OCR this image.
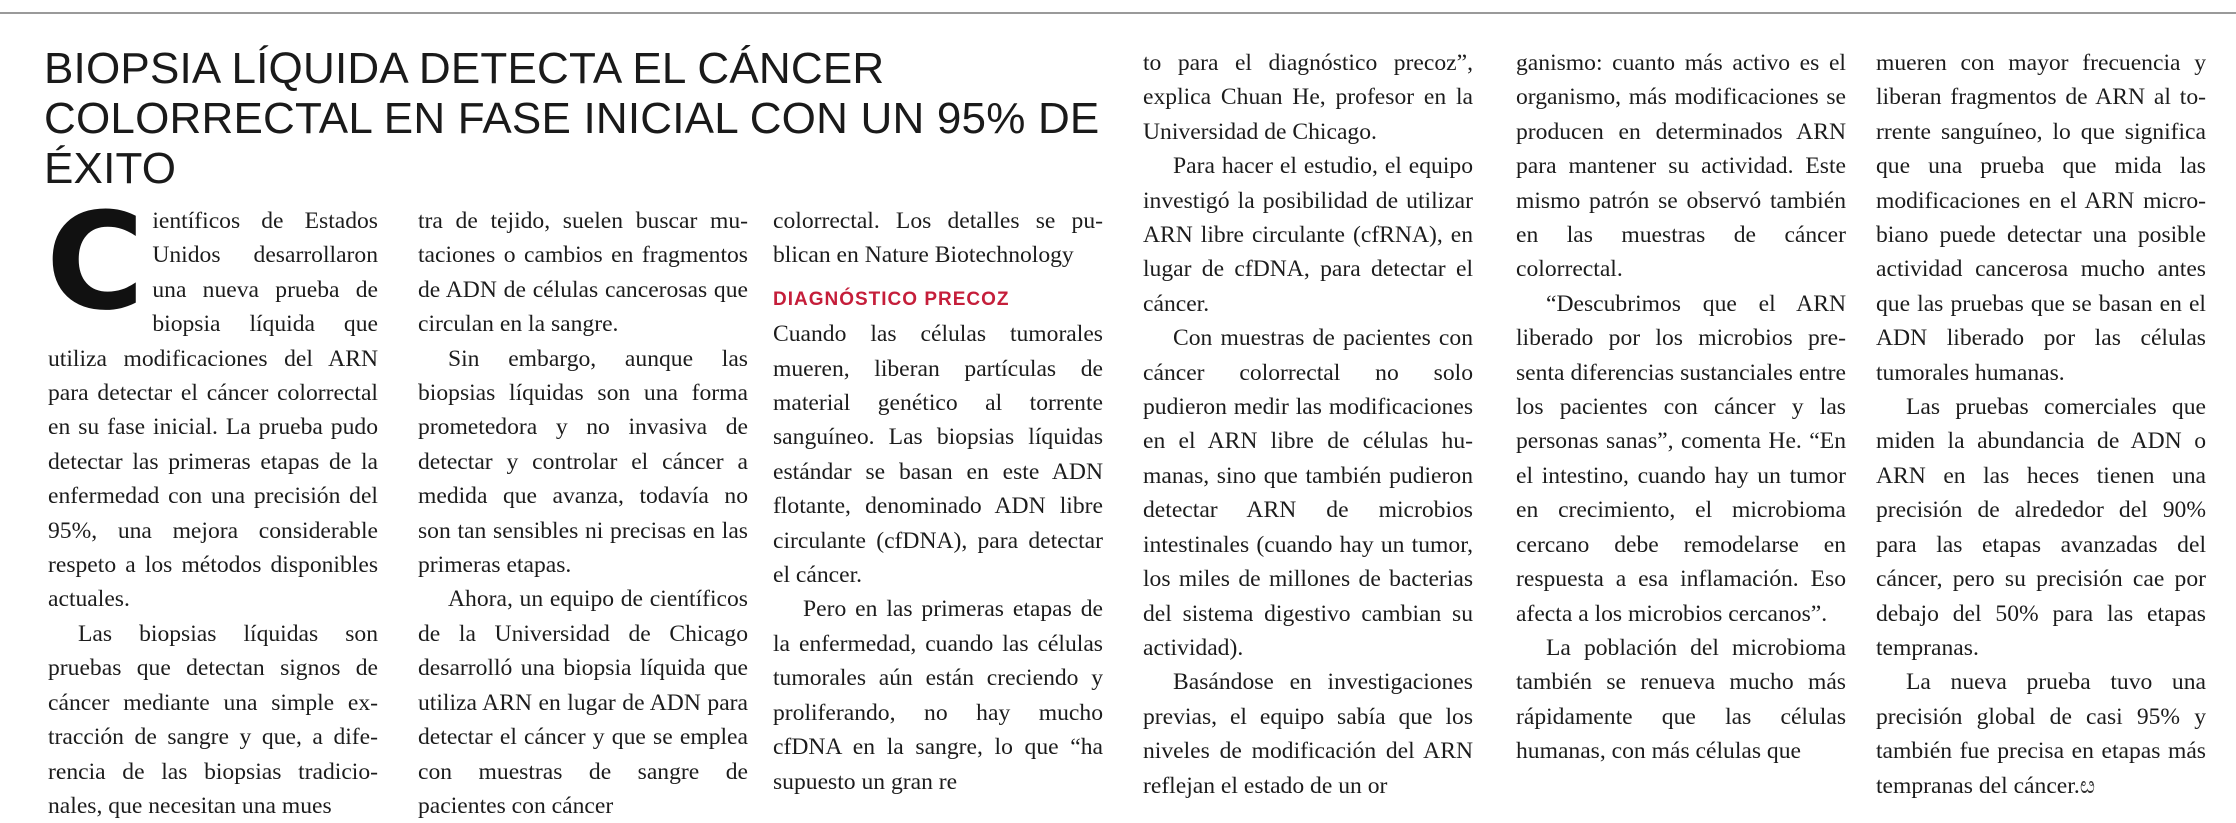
BIOPSIA LÍQUIDA DETECTA EL CÁNCER COLORRECTAL EN FASE INICIAL CON UN 95% DE ÉXITO

Científicos de Estados Unidos desarrollaron una nueva prueba de biopsia líquida que utiliza modificaciones del ARN para detectar el cáncer colorrectal en su fase inicial. La prueba pudo detectar las primeras etapas de la enfermedad con una precisión del 95%, una mejora considerable respeto a los métodos disponibles actuales.

Las biopsias líquidas son pruebas que detectan signos de cáncer mediante una simple extracción de sangre y que, a diferencia de las biopsias tradicionales, que necesitan una mues

tra de tejido, suelen buscar mutaciones o cambios en fragmentos de ADN de células cancerosas que circulan en la sangre.

Sin embargo, aunque las biopsias líquidas son una forma prometedora y no invasiva de detectar y controlar el cáncer a medida que avanza, todavía no son tan sensibles ni precisas en las primeras etapas.

Ahora, un equipo de científicos de la Universidad de Chicago desarrolló una biopsia líquida que utiliza ARN en lugar de ADN para detectar el cáncer y que se emplea con muestras de sangre de pacientes con cáncer

colorrectal. Los detalles se publican en Nature Biotechnology

DIAGNÓSTICO PRECOZ

Cuando las células tumorales mueren, liberan partículas de material genético al torrente sanguíneo. Las biopsias líquidas estándar se basan en este ADN flotante, denominado ADN libre circulante (cfDNA), para detectar el cáncer.

Pero en las primeras etapas de la enfermedad, cuando las células tumorales aún están creciendo y proliferando, no hay mucho cfDNA en la sangre, lo que “ha supuesto un gran re

to para el diagnóstico precoz”, explica Chuan He, profesor en la Universidad de Chicago.

Para hacer el estudio, el equipo investigó la posibilidad de utilizar ARN libre circulante (cfRNA), en lugar de cfDNA, para detectar el cáncer.

Con muestras de pacientes con cáncer colorrectal no solo pudieron medir las modificaciones en el ARN libre de células humanas, sino que también pudieron detectar ARN de microbios intestinales (cuando hay un tumor, los miles de millones de bacterias del sistema digestivo cambian su actividad).

Basándose en investigaciones previas, el equipo sabía que los niveles de modificación del ARN reflejan el estado de un or

ganismo: cuanto más activo es el organismo, más modificaciones se producen en determinados ARN para mantener su actividad. Este mismo patrón se observó también en las muestras de cáncer colorrectal.

“Descubrimos que el ARN liberado por los microbios presenta diferencias sustanciales entre los pacientes con cáncer y las personas sanas”, comenta He. “En el intestino, cuando hay un tumor en crecimiento, el microbioma cercano debe remodelarse en respuesta a esa inflamación. Eso afecta a los microbios cercanos”.

La población del microbioma también se renueva mucho más rápidamente que las células humanas, con más células que

mueren con mayor frecuencia y liberan fragmentos de ARN al torrente sanguíneo, lo que significa que una prueba que mida las modificaciones en el ARN microbiano puede detectar una posible actividad cancerosa mucho antes que las pruebas que se basan en el ADN liberado por las células tumorales humanas.

Las pruebas comerciales que miden la abundancia de ADN o ARN en las heces tienen una precisión de alrededor del 90% para las etapas avanzadas del cáncer, pero su precisión cae por debajo del 50% para las etapas tempranas.

La nueva prueba tuvo una precisión global de casi 95% y también fue precisa en etapas más tempranas del cáncer.ೞ
